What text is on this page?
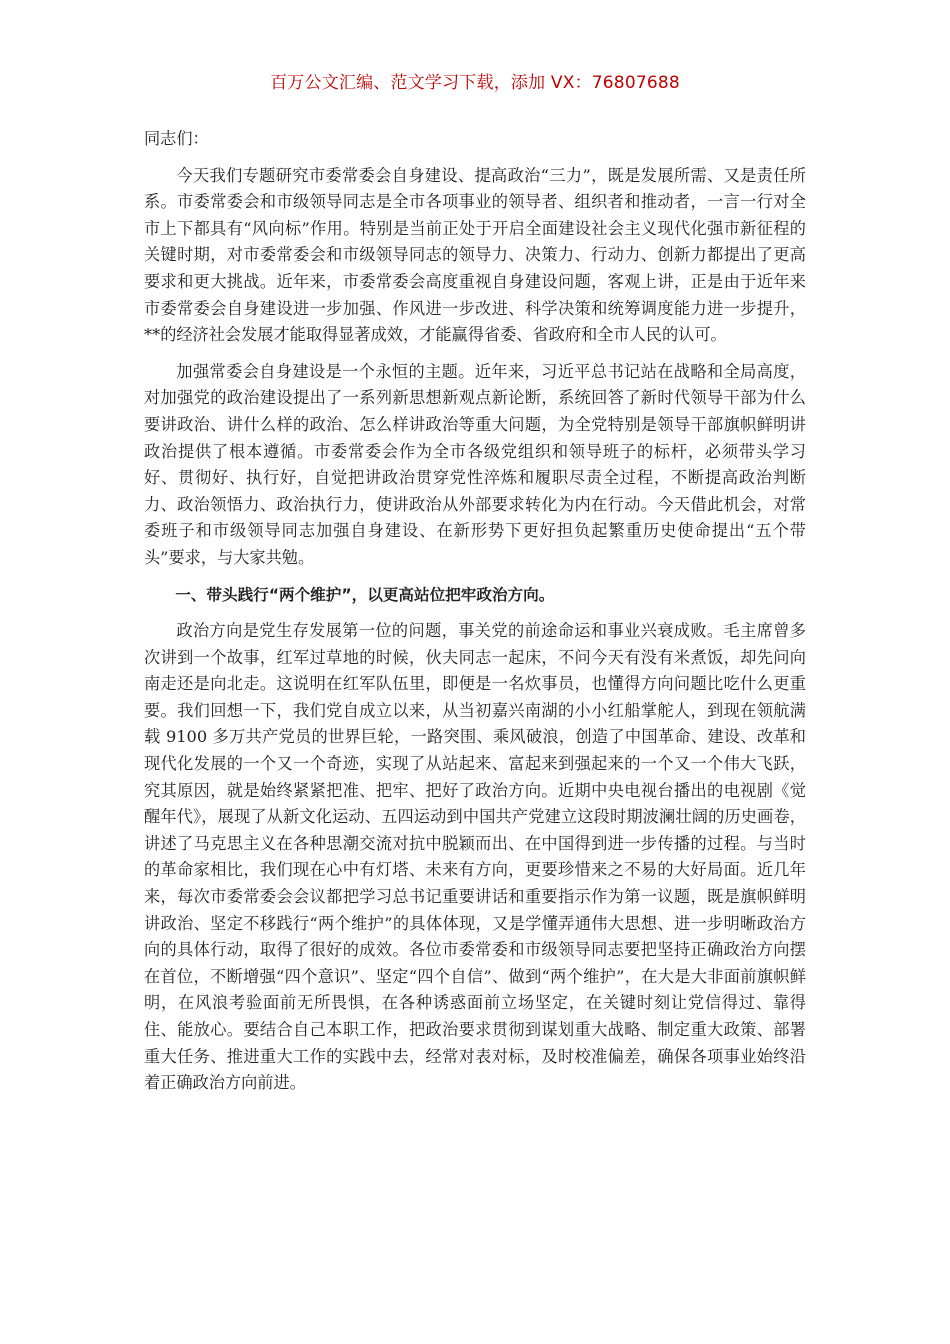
百万公文汇编、范文学习下载，添加 VX：76807688

同志们：

今天我们专题研究市委常委会自身建设、提高政治“三力”，既是发展所需、又是责任所系。市委常委会和市级领导同志是全市各项事业的领导者、组织者和推动者，一言一行对全市上下都具有“风向标”作用。特别是当前正处于开启全面建设社会主义现代化强市新征程的关键时期，对市委常委会和市级领导同志的领导力、决策力、行动力、创新力都提出了更高要求和更大挑战。近年来，市委常委会高度重视自身建设问题，客观上讲，正是由于近年来市委常委会自身建设进一步加强、作风进一步改进、科学决策和统筹调度能力进一步提升，**的经济社会发展才能取得显著成效，才能赢得省委、省政府和全市人民的认可。

加强常委会自身建设是一个永恒的主题。近年来，习近平总书记站在战略和全局高度，对加强党的政治建设提出了一系列新思想新观点新论断，系统回答了新时代领导干部为什么要讲政治、讲什么样的政治、怎么样讲政治等重大问题，为全党特别是领导干部旗帜鲜明讲政治提供了根本遵循。市委常委会作为全市各级党组织和领导班子的标杆，必须带头学习好、贯彻好、执行好，自觉把讲政治贯穿党性淬炼和履职尽责全过程，不断提高政治判断力、政治领悟力、政治执行力，使讲政治从外部要求转化为内在行动。今天借此机会，对常委班子和市级领导同志加强自身建设、在新形势下更好担负起繁重历史使命提出“五个带头”要求，与大家共勉。

一、带头践行“两个维护”，以更高站位把牢政治方向。

政治方向是党生存发展第一位的问题，事关党的前途命运和事业兴衰成败。毛主席曾多次讲到一个故事，红军过草地的时候，伙夫同志一起床，不问今天有没有米煮饭，却先问向南走还是向北走。这说明在红军队伍里，即便是一名炊事员，也懂得方向问题比吃什么更重要。我们回想一下，我们党自成立以来，从当初嘉兴南湖的小小红船掌舵人，到现在领航满载 9100 多万共产党员的世界巨轮，一路突围、乘风破浪，创造了中国革命、建设、改革和现代化发展的一个又一个奇迹，实现了从站起来、富起来到强起来的一个又一个伟大飞跃，究其原因，就是始终紧紧把准、把牢、把好了政治方向。近期中央电视台播出的电视剧《觉醒年代》，展现了从新文化运动、五四运动到中国共产党建立这段时期波澜壮阔的历史画卷，讲述了马克思主义在各种思潮交流对抗中脱颖而出、在中国得到进一步传播的过程。与当时的革命家相比，我们现在心中有灯塔、未来有方向，更要珍惜来之不易的大好局面。近几年来，每次市委常委会会议都把学习总书记重要讲话和重要指示作为第一议题，既是旗帜鲜明讲政治、坚定不移践行“两个维护”的具体体现，又是学懂弄通伟大思想、进一步明晰政治方向的具体行动，取得了很好的成效。各位市委常委和市级领导同志要把坚持正确政治方向摆在首位，不断增强“四个意识”、坚定“四个自信”、做到“两个维护”，在大是大非面前旗帜鲜明，在风浪考验面前无所畏惧，在各种诱惑面前立场坚定，在关键时刻让党信得过、靠得住、能放心。要结合自己本职工作，把政治要求贯彻到谋划重大战略、制定重大政策、部署重大任务、推进重大工作的实践中去，经常对表对标，及时校准偏差，确保各项事业始终沿着正确政治方向前进。
